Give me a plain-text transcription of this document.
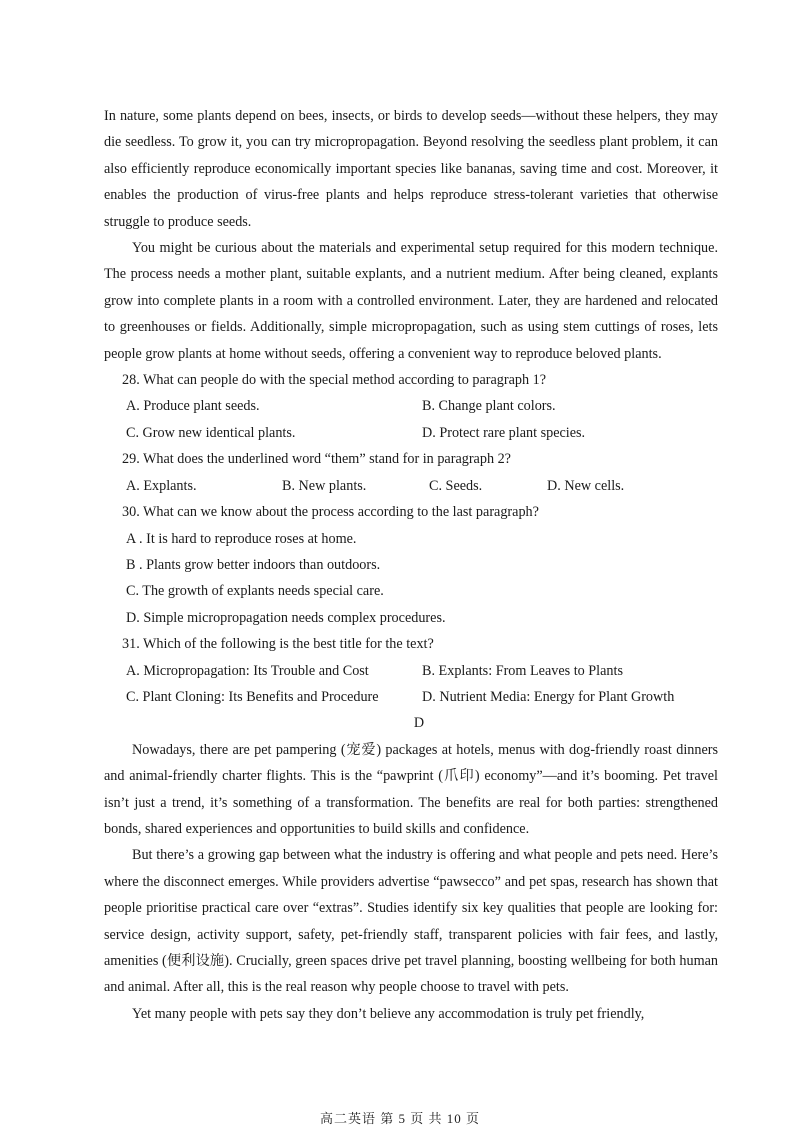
In nature, some plants depend on bees, insects, or birds to develop seeds—without these helpers, they may die seedless. To grow it, you can try micropropagation. Beyond resolving the seedless plant problem, it can also efficiently reproduce economically important species like bananas, saving time and cost. Moreover, it enables the production of virus-free plants and helps reproduce stress-tolerant varieties that otherwise struggle to produce seeds.

You might be curious about the materials and experimental setup required for this modern technique. The process needs a mother plant, suitable explants, and a nutrient medium. After being cleaned, explants grow into complete plants in a room with a controlled environment. Later, they are hardened and relocated to greenhouses or fields. Additionally, simple micropropagation, such as using stem cuttings of roses, lets people grow plants at home without seeds, offering a convenient way to reproduce beloved plants.

28. What can people do with the special method according to paragraph 1?

A. Produce plant seeds.	B. Change plant colors.
C. Grow new identical plants.	D. Protect rare plant species.

29. What does the underlined word “them” stand for in paragraph 2?

A. Explants.	B. New plants.	C. Seeds.	D. New cells.

30. What can we know about the process according to the last paragraph?

A . It is hard to reproduce roses at home.

B . Plants grow better indoors than outdoors.

C. The growth of explants needs special care.

D. Simple micropropagation needs complex procedures.

31. Which of the following is the best title for the text?

A. Micropropagation: Its Trouble and Cost	B. Explants: From Leaves to Plants
C. Plant Cloning: Its Benefits and Procedure	D. Nutrient Media: Energy for Plant Growth

D

Nowadays, there are pet pampering (宠爱) packages at hotels, menus with dog-friendly roast dinners and animal-friendly charter flights. This is the “pawprint (爪印) economy”—and it’s booming. Pet travel isn’t just a trend, it’s something of a transformation. The benefits are real for both parties: strengthened bonds, shared experiences and opportunities to build skills and confidence.

But there’s a growing gap between what the industry is offering and what people and pets need. Here’s where the disconnect emerges. While providers advertise “pawsecco” and pet spas, research has shown that people prioritise practical care over “extras”. Studies identify six key qualities that people are looking for: service design, activity support, safety, pet-friendly staff, transparent policies with fair fees, and lastly, amenities (便利设施). Crucially, green spaces drive pet travel planning, boosting wellbeing for both human and animal. After all, this is the real reason why people choose to travel with pets.

Yet many people with pets say they don’t believe any accommodation is truly pet friendly,

高二英语 第 5 页 共 10 页
